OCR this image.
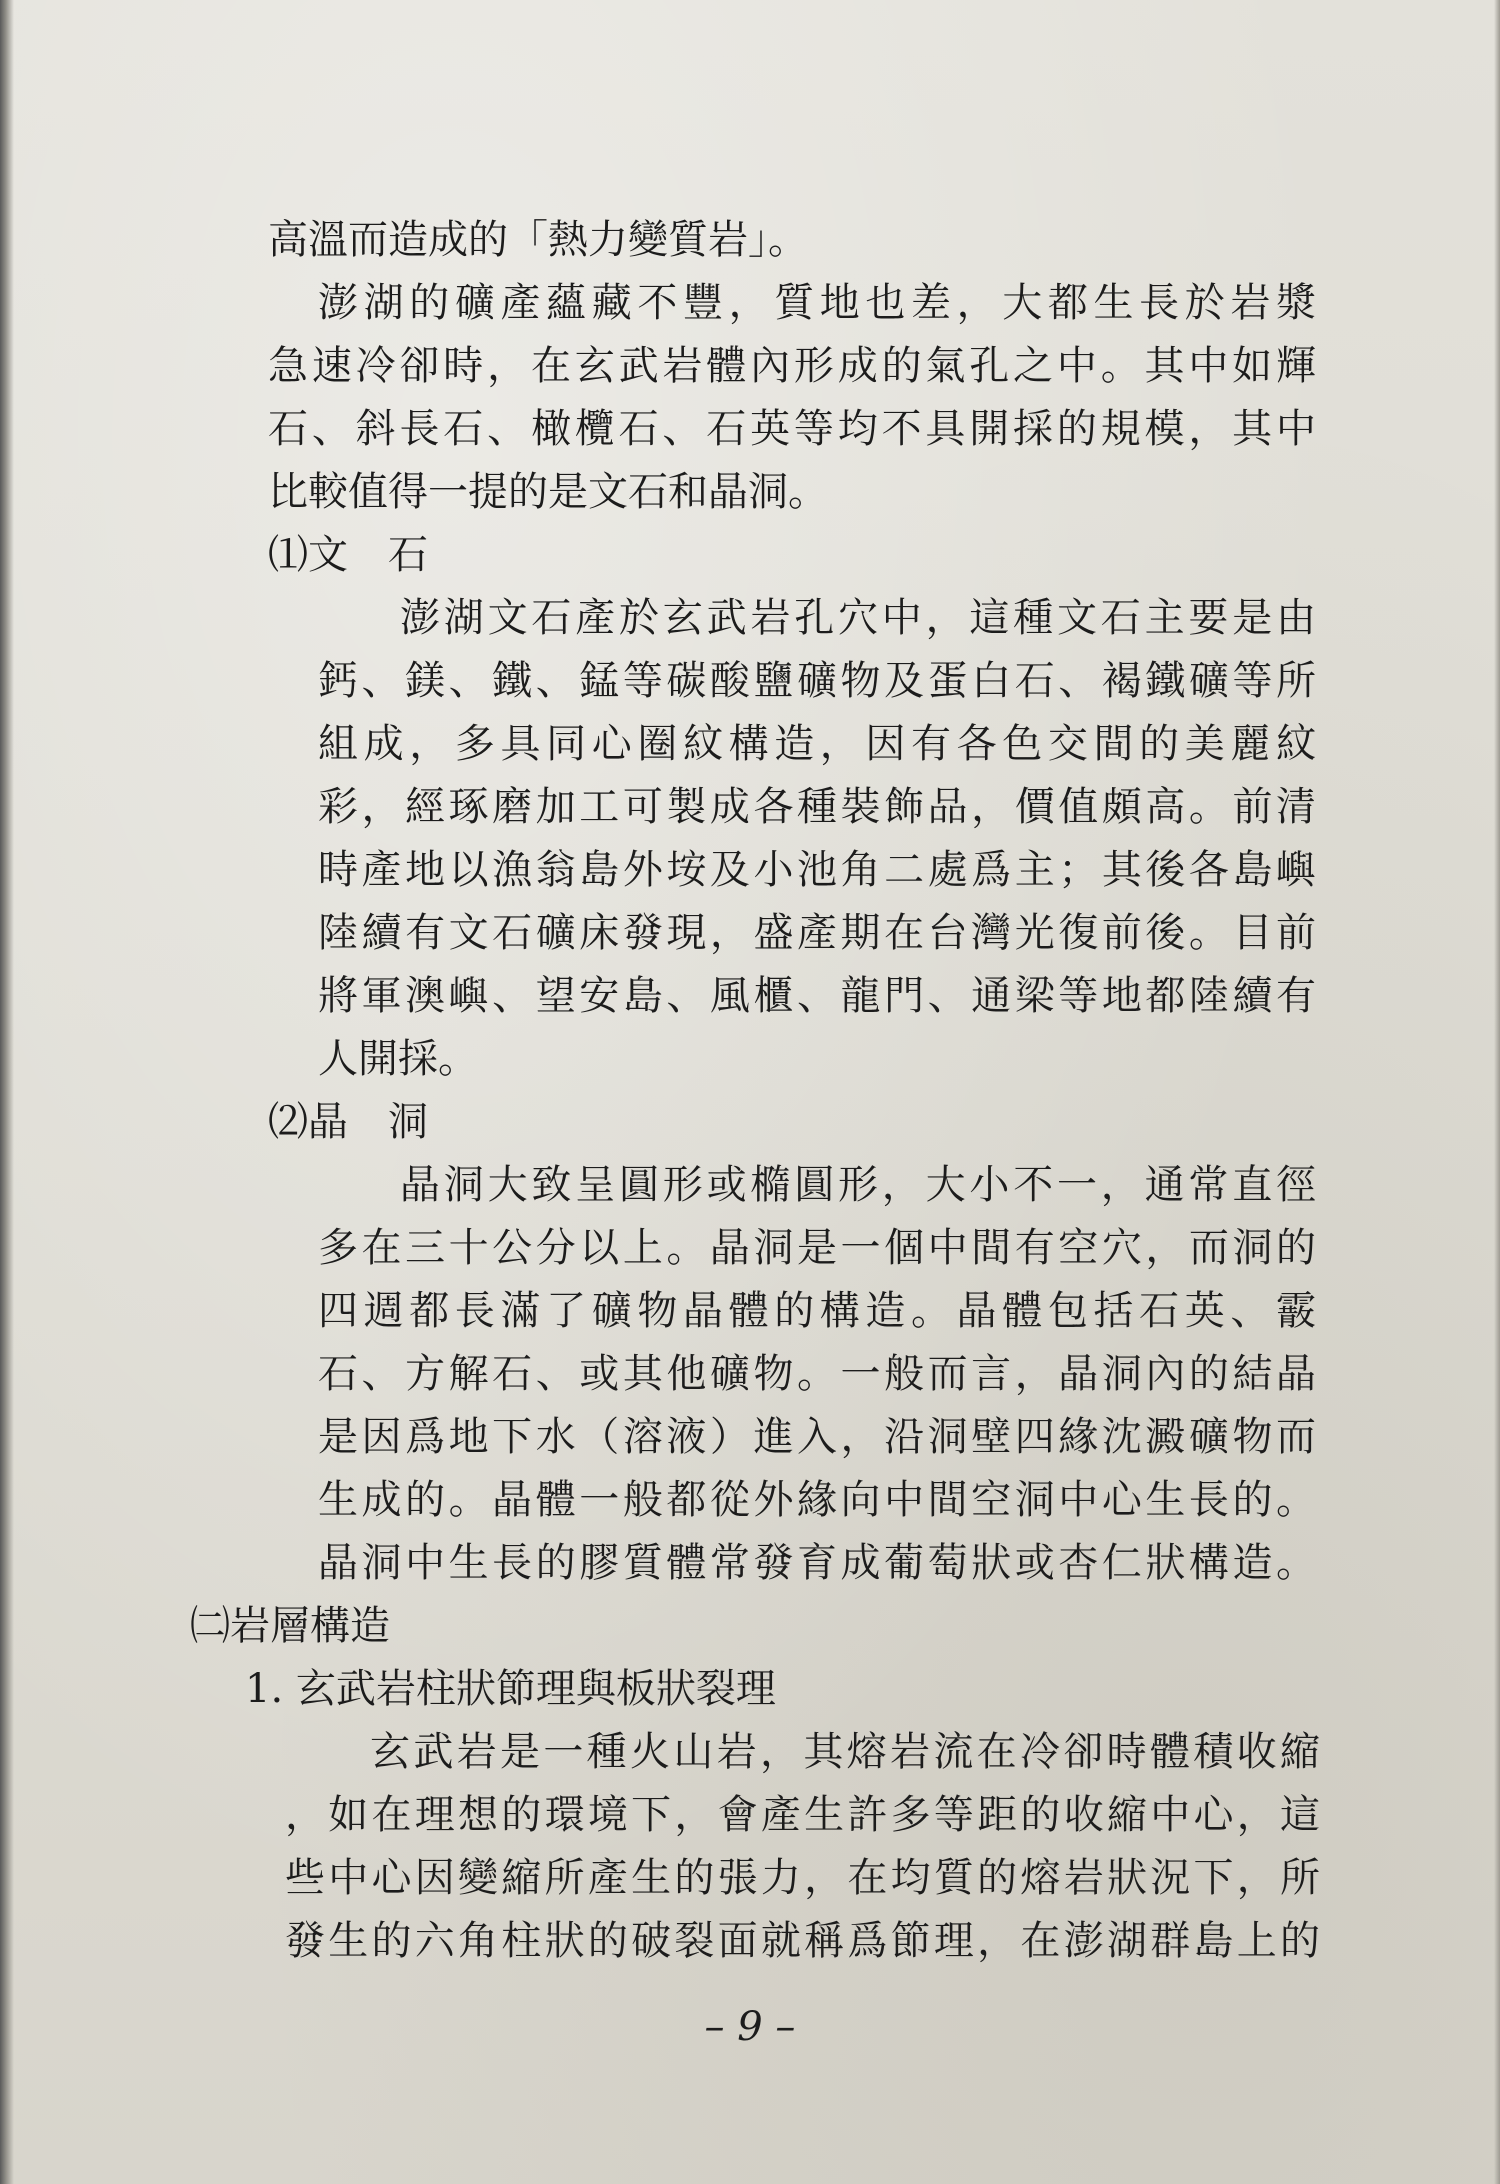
高溫而造成的「熱力變質岩」。

澎湖的礦產蘊藏不豐，質地也差，大都生長於岩漿

急速冷卻時，在玄武岩體內形成的氣孔之中。其中如輝

石、斜長石、橄欖石、石英等均不具開採的規模，其中

比較值得一提的是文石和晶洞。

⑴文　石

澎湖文石產於玄武岩孔穴中，這種文石主要是由

鈣、鎂、鐵、錳等碳酸鹽礦物及蛋白石、褐鐵礦等所

組成，多具同心圈紋構造，因有各色交間的美麗紋

彩，經琢磨加工可製成各種裝飾品，價值頗高。前清

時產地以漁翁島外垵及小池角二處爲主；其後各島嶼

陸續有文石礦床發現，盛產期在台灣光復前後。目前

將軍澳嶼、望安島、風櫃、龍門、通梁等地都陸續有

人開採。

⑵晶　洞

晶洞大致呈圓形或橢圓形，大小不一，通常直徑

多在三十公分以上。晶洞是一個中間有空穴，而洞的

四週都長滿了礦物晶體的構造。晶體包括石英、霰

石、方解石、或其他礦物。一般而言，晶洞內的結晶

是因爲地下水（溶液）進入，沿洞壁四緣沈澱礦物而

生成的。晶體一般都從外緣向中間空洞中心生長的。

晶洞中生長的膠質體常發育成葡萄狀或杏仁狀構造。

㈡岩層構造

1. 玄武岩柱狀節理與板狀裂理

玄武岩是一種火山岩，其熔岩流在冷卻時體積收縮

，如在理想的環境下，會產生許多等距的收縮中心，這

些中心因變縮所產生的張力，在均質的熔岩狀況下，所

發生的六角柱狀的破裂面就稱爲節理，在澎湖群島上的

– 9 –
